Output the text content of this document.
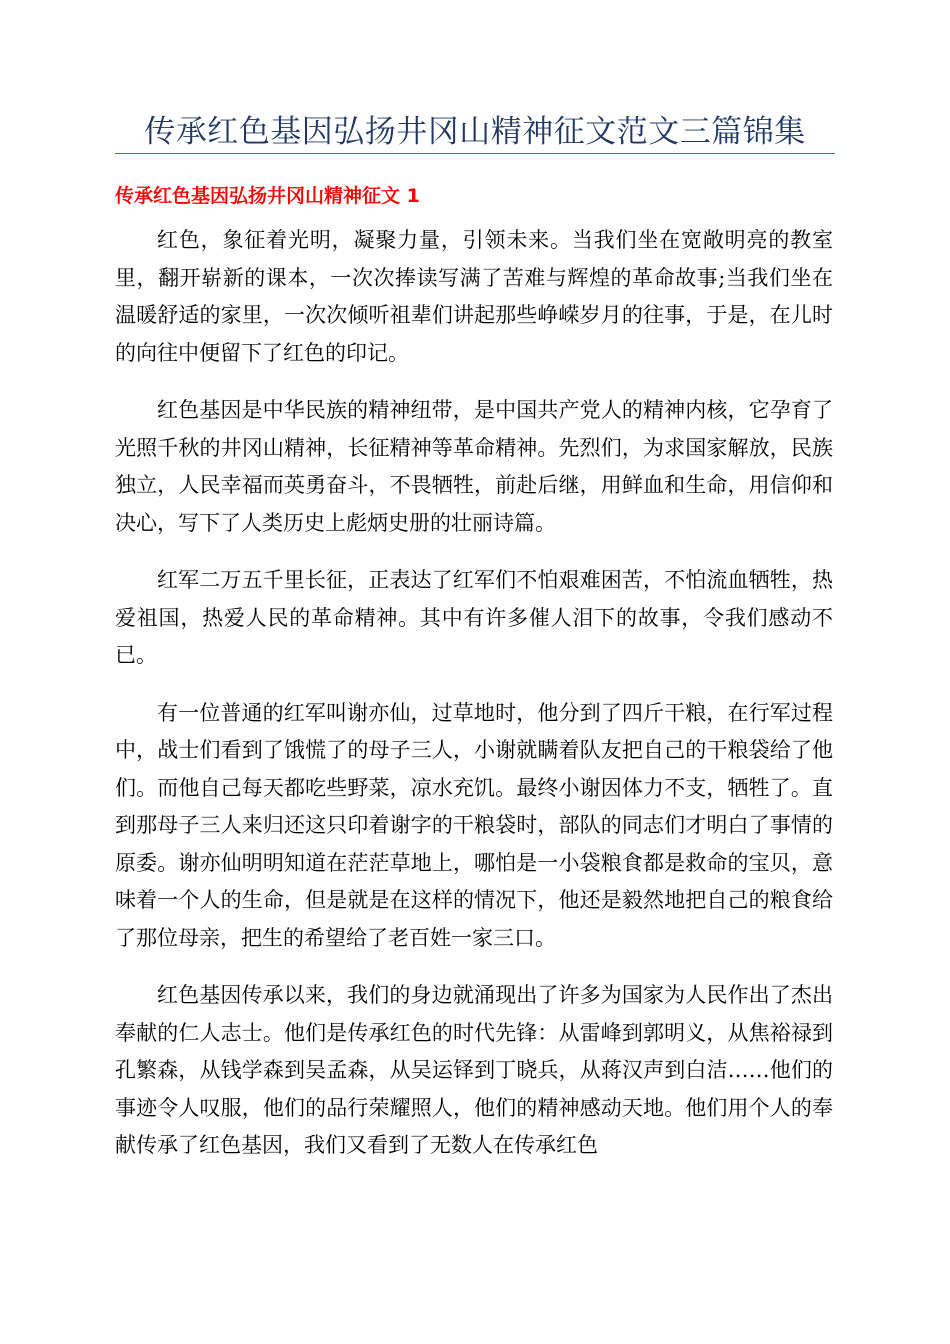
传承红色基因弘扬井冈山精神征文范文三篇锦集
传承红色基因弘扬井冈山精神征文 1

红色，象征着光明，凝聚力量，引领未来。当我们坐在宽敞明亮的教室里，翻开崭新的课本，一次次捧读写满了苦难与辉煌的革命故事;当我们坐在温暖舒适的家里，一次次倾听祖辈们讲起那些峥嵘岁月的往事，于是，在儿时的向往中便留下了红色的印记。

红色基因是中华民族的精神纽带，是中国共产党人的精神内核，它孕育了光照千秋的井冈山精神，长征精神等革命精神。先烈们，为求国家解放，民族独立，人民幸福而英勇奋斗，不畏牺牲，前赴后继，用鲜血和生命，用信仰和决心，写下了人类历史上彪炳史册的壮丽诗篇。

红军二万五千里长征，正表达了红军们不怕艰难困苦，不怕流血牺牲，热爱祖国，热爱人民的革命精神。其中有许多催人泪下的故事，令我们感动不已。

有一位普通的红军叫谢亦仙，过草地时，他分到了四斤干粮，在行军过程中，战士们看到了饿慌了的母子三人，小谢就瞒着队友把自己的干粮袋给了他们。而他自己每天都吃些野菜，凉水充饥。最终小谢因体力不支，牺牲了。直到那母子三人来归还这只印着谢字的干粮袋时，部队的同志们才明白了事情的原委。谢亦仙明明知道在茫茫草地上，哪怕是一小袋粮食都是救命的宝贝，意味着一个人的生命，但是就是在这样的情况下，他还是毅然地把自己的粮食给了那位母亲，把生的希望给了老百姓一家三口。

红色基因传承以来，我们的身边就涌现出了许多为国家为人民作出了杰出奉献的仁人志士。他们是传承红色的时代先锋：从雷峰到郭明义，从焦裕禄到孔繁森，从钱学森到吴孟森，从吴运铎到丁晓兵，从蒋汉声到白洁……他们的事迹令人叹服，他们的品行荣耀照人，他们的精神感动天地。他们用个人的奉献传承了红色基因，我们又看到了无数人在传承红色
